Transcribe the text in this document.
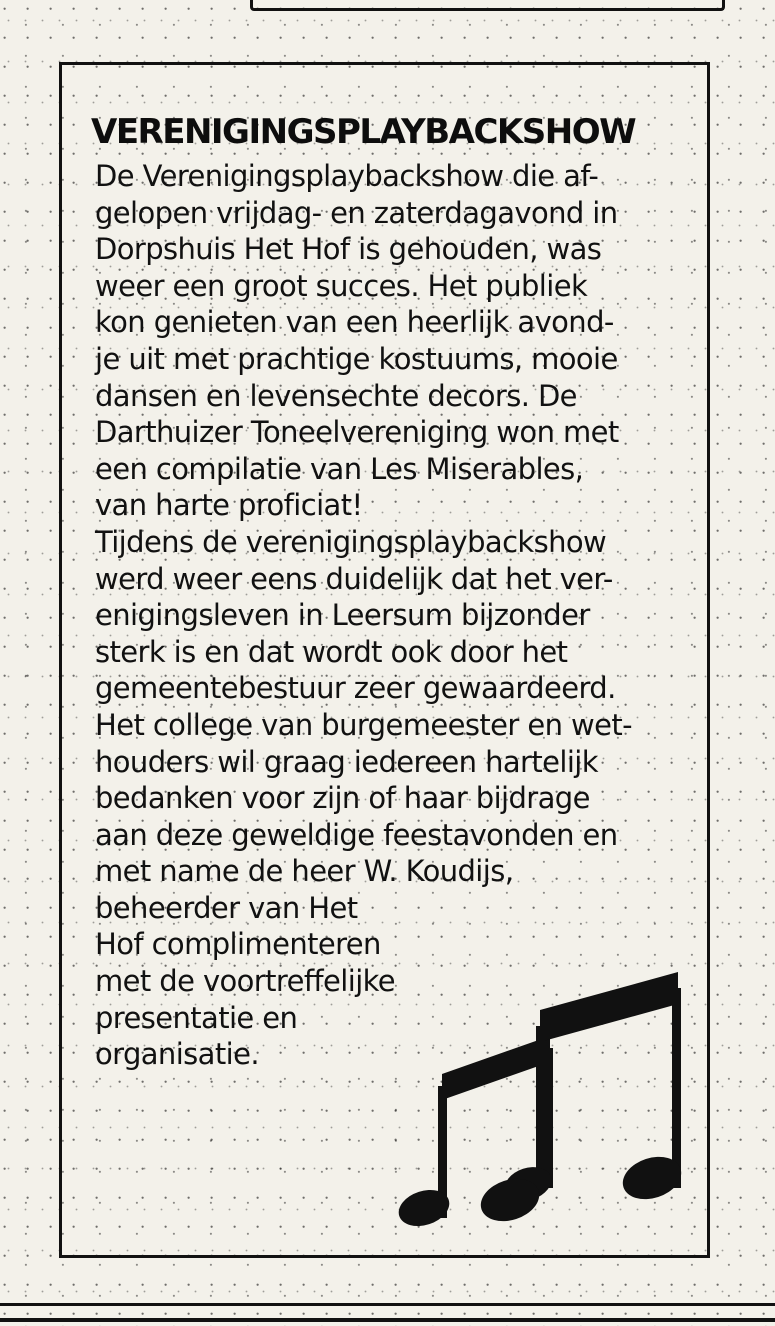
VERENIGINGSPLAYBACKSHOW
De Verenigingsplaybackshow die af-
gelopen vrijdag- en zaterdagavond in
Dorpshuis Het Hof is gehouden, was
weer een groot succes. Het publiek
kon genieten van een heerlijk avond-
je uit met prachtige kostuums, mooie
dansen en levensechte decors. De
Darthuizer Toneelvereniging won met
een compilatie van Les Miserables,
van harte proficiat!
Tijdens de verenigingsplaybackshow
werd weer eens duidelijk dat het ver-
enigingsleven in Leersum bijzonder
sterk is en dat wordt ook door het
gemeentebestuur zeer gewaardeerd.
Het college van burgemeester en wet-
houders wil graag iedereen hartelijk
bedanken voor zijn of haar bijdrage
aan deze geweldige feestavonden en
met name de heer W. Koudijs,
beheerder van Het
Hof complimenteren
met de voortreffelijke
presentatie en
organisatie.
